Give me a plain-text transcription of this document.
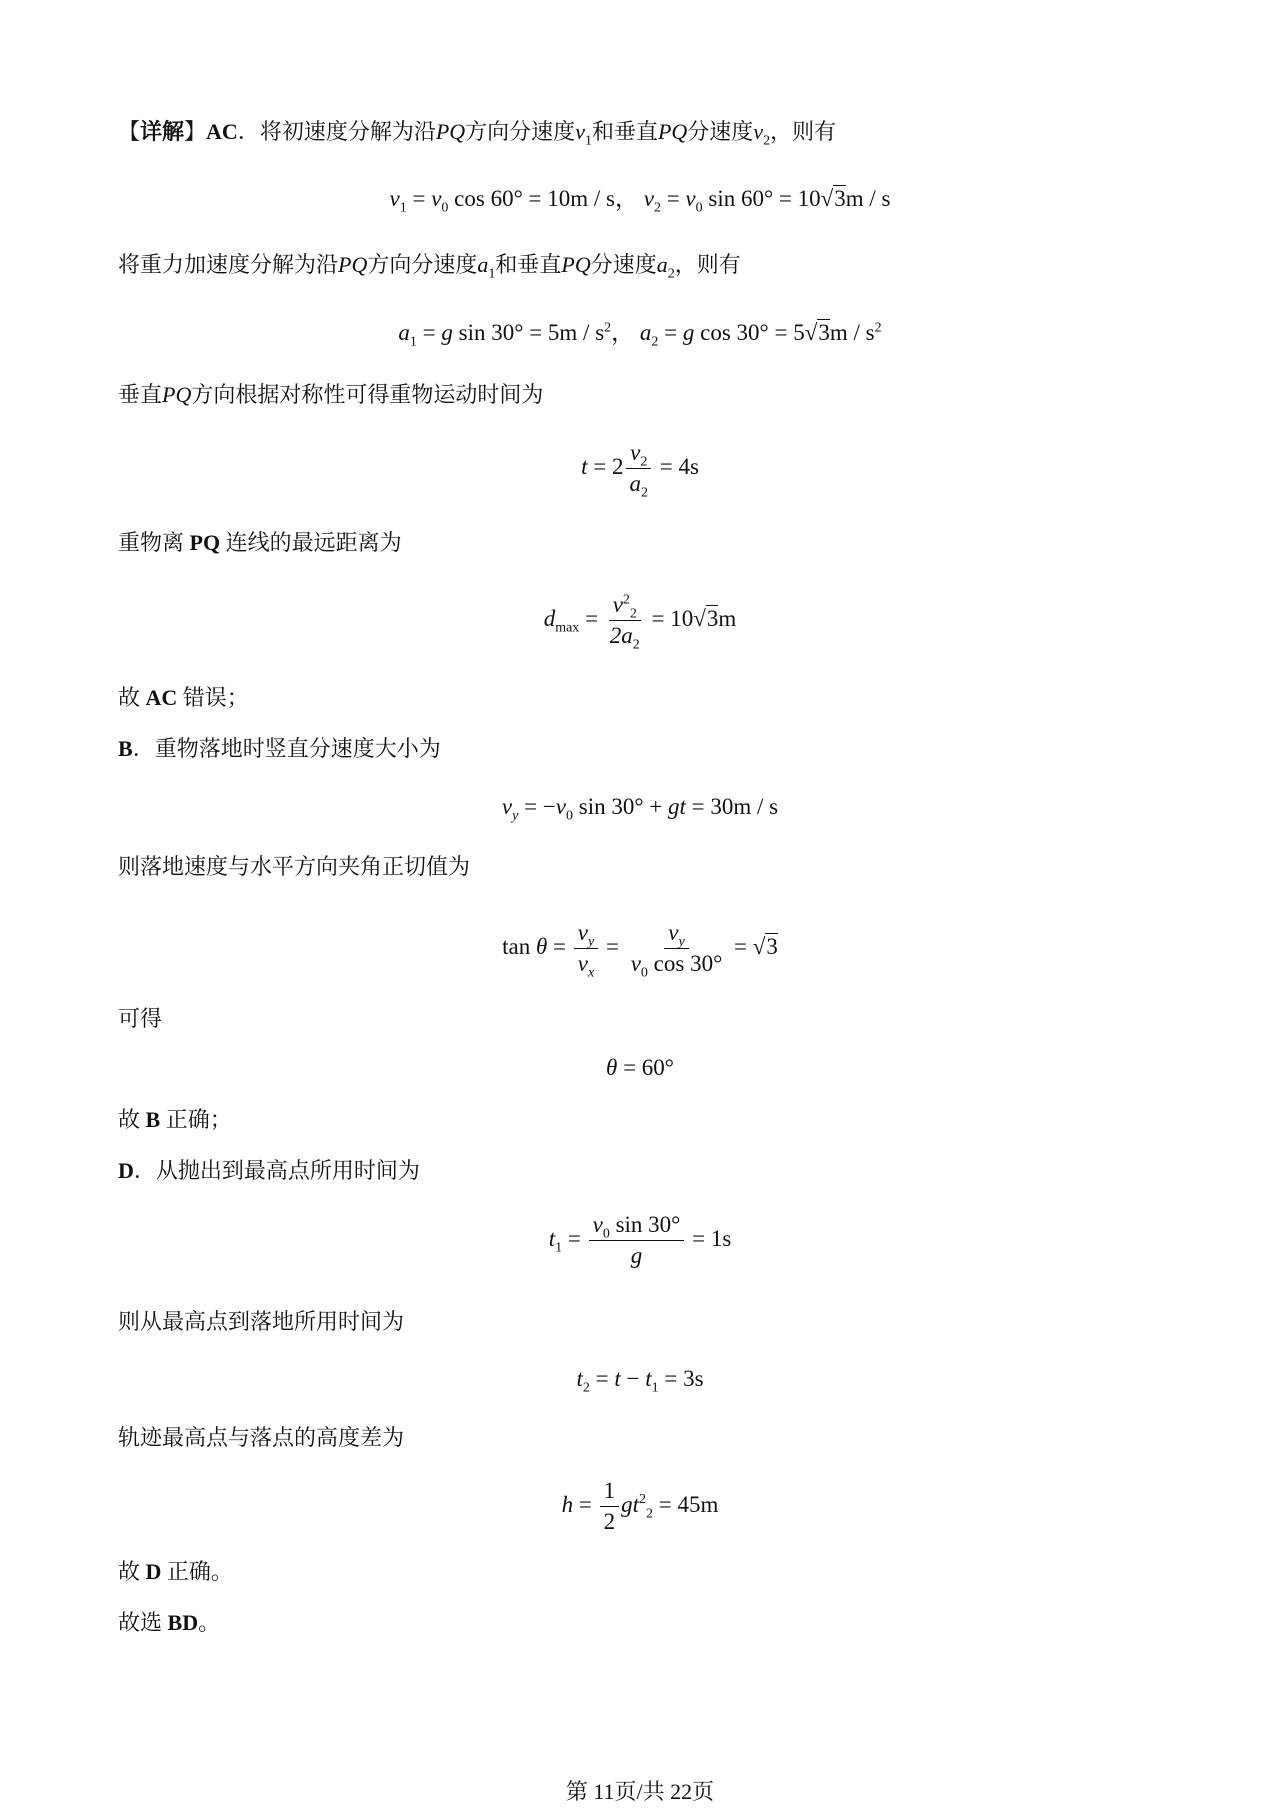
【详解】AC．将初速度分解为沿PQ方向分速度$v_1$和垂直PQ分速度$v_2$，则有
$v_1 = v_0$ cos 60° = 10m / s， $v_2 = v_0$ sin 60° = 10√3m / s
将重力加速度分解为沿PQ方向分速度$a_1$和垂直PQ分速度$a_2$，则有
$a_1 = g$ $\sin 30^\circ = 5m / s^2$， $a_2 = g$ $\cos 30^\circ = 5√3m / s^2$
垂直PQ方向根据对称性可得重物运动时间为
$t = 2 \frac{v_2}{a_2} = 4s$
重物离 PQ 连线的最远距离为
$d_{max} = \frac{v^2_2}{2a_2} = 10√3m$
故 AC 错误；
B．重物落地时竖直分速度大小为
$v_y = -v_0$ sin 30° + gt = 30m / s
则落地速度与水平方向夹角正切值为
$\tan \theta = \frac{v_y}{v_x} = \frac{v_y}{v_0 \cos 30^\circ} = √3$
可得
θ = 60°
故 B 正确；
D．从抛出到最高点所用时间为
$t_1 = \frac{v_0 \sin 30^\circ}{g} = 1s$
则从最高点到落地所用时间为
$t_2 = t - t_1 = 3s$
轨迹最高点与落点的高度差为
$h = \frac{1}{2} gt^2_2 = 45m$
故 D 正确。
故选 BD。
第 11页/共 22页
